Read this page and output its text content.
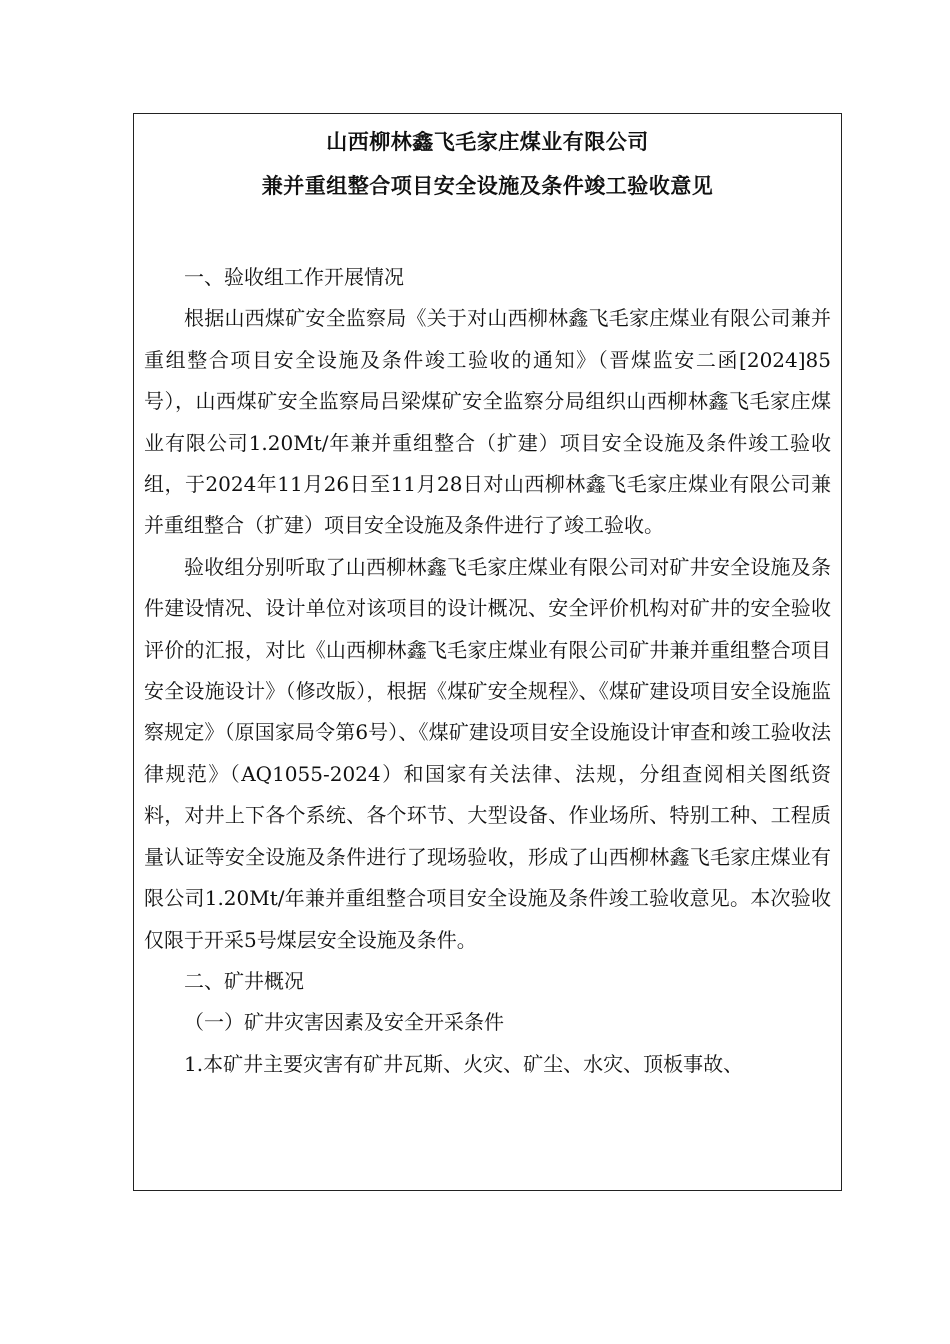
山西柳林鑫飞毛家庄煤业有限公司
兼并重组整合项目安全设施及条件竣工验收意见

一、验收组工作开展情况

根据山西煤矿安全监察局《关于对山西柳林鑫飞毛家庄煤业有限公司兼并重组整合项目安全设施及条件竣工验收的通知》（晋煤监安二函[2024]85号），山西煤矿安全监察局吕梁煤矿安全监察分局组织山西柳林鑫飞毛家庄煤业有限公司1.20Mt/年兼并重组整合（扩建）项目安全设施及条件竣工验收组，于2024年11月26日至11月28日对山西柳林鑫飞毛家庄煤业有限公司兼并重组整合（扩建）项目安全设施及条件进行了竣工验收。

验收组分别听取了山西柳林鑫飞毛家庄煤业有限公司对矿井安全设施及条件建设情况、设计单位对该项目的设计概况、安全评价机构对矿井的安全验收评价的汇报，对比《山西柳林鑫飞毛家庄煤业有限公司矿井兼并重组整合项目安全设施设计》（修改版），根据《煤矿安全规程》、《煤矿建设项目安全设施监察规定》（原国家局令第6号）、《煤矿建设项目安全设施设计审查和竣工验收法律规范》（AQ1055-2024）和国家有关法律、法规，分组查阅相关图纸资料，对井上下各个系统、各个环节、大型设备、作业场所、特别工种、工程质量认证等安全设施及条件进行了现场验收，形成了山西柳林鑫飞毛家庄煤业有限公司1.20Mt/年兼并重组整合项目安全设施及条件竣工验收意见。本次验收仅限于开采5号煤层安全设施及条件。

二、矿井概况

（一）矿井灾害因素及安全开采条件

1.本矿井主要灾害有矿井瓦斯、火灾、矿尘、水灾、顶板事故、
